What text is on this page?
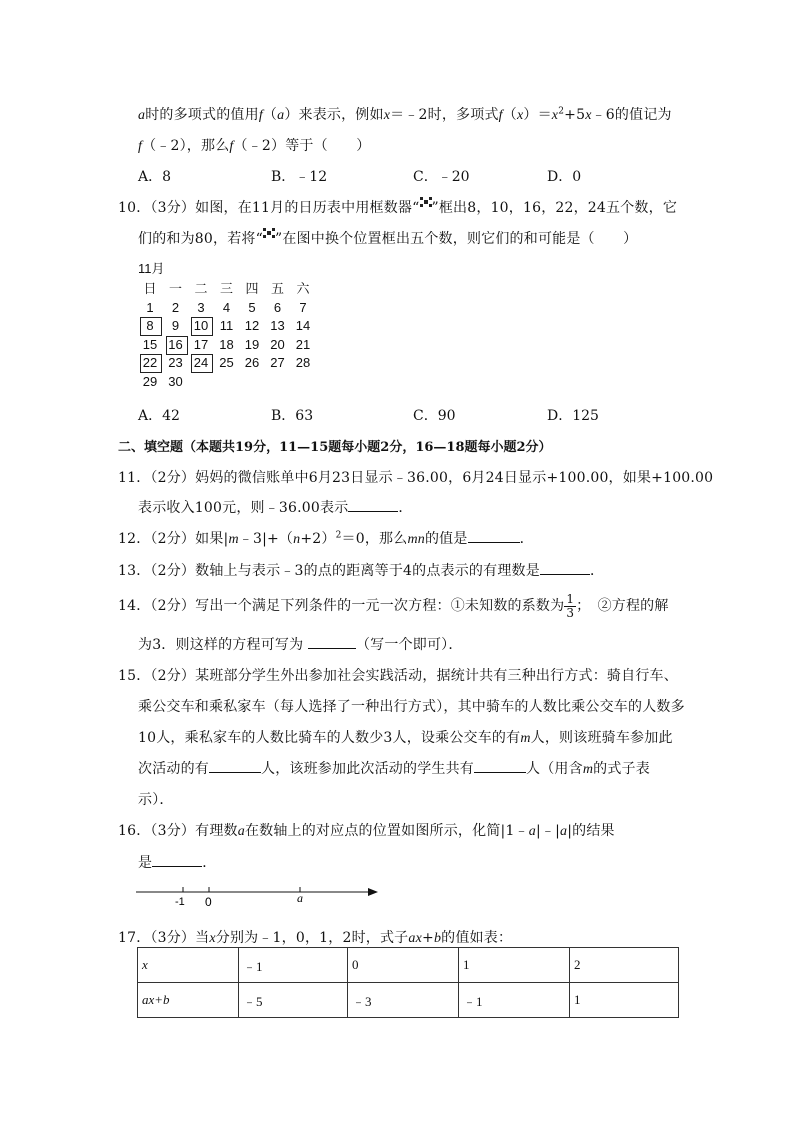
a时的多项式的值用f（a）来表示，例如x＝﹣2时，多项式$f(x)=x^2+5x﹣6$的值记为
f（﹣2），那么f（﹣2）等于（　　）
A．8	B．﹣12	C．﹣20	D．0
10．（3分）如图，在11月的日历表中用框数器“ ”框出8，10，16，22，24五个数，它
们的和为80，若将“ ”在图中换个位置框出五个数，则它们的和可能是（　　）
11月
日 一 二 三 四 五 六
1	2	3	4	5	6	7
8	9	10 11 12 13 14
15 16 17 18 19 20 21
22 23 24 25 26 27 28
29 30
A．42	B．63	C．90	D．125
二、填空题（本题共19分，11—15题每小题2分，16—18题每小题2分）
11．（2分）妈妈的微信账单中6月23日显示﹣36.00，6月24日显示+100.00，如果+100.00
表示收入100元，则﹣36.00表示	．
12．（2分）如果$|m﹣3|+(n+2)^2=0$，那么mn的值是	．
13．（2分）数轴上与表示﹣3的点的距离等于4的点表示的有理数是	．
14．（2分）写出一个满足下列条件的一元一次方程：①未知数的系数为 $\frac{1}{3}$ ；　②方程的解
为3．则这样的方程可写为	（写一个即可）．
15．（2分）某班部分学生外出参加社会实践活动，据统计共有三种出行方式：骑自行车、
乘公交车和乘私家车（每人选择了一种出行方式），其中骑车的人数比乘公交车的人数多
10人，乘私家车的人数比骑车的人数少3人，设乘公交车的有m人，则该班骑车参加此
次活动的有	人，该班参加此次活动的学生共有	人（用含m的式子表
示）．
16．（3分）有理数a在数轴上的对应点的位置如图所示，化简|1﹣a|﹣|a|的结果
是	．
-1 0	a
17．（3分）当x分别为﹣1，0，1，2时，式子ax+b的值如表：
x	﹣1	0	1	2
ax+b	﹣5	﹣3	﹣1	1
